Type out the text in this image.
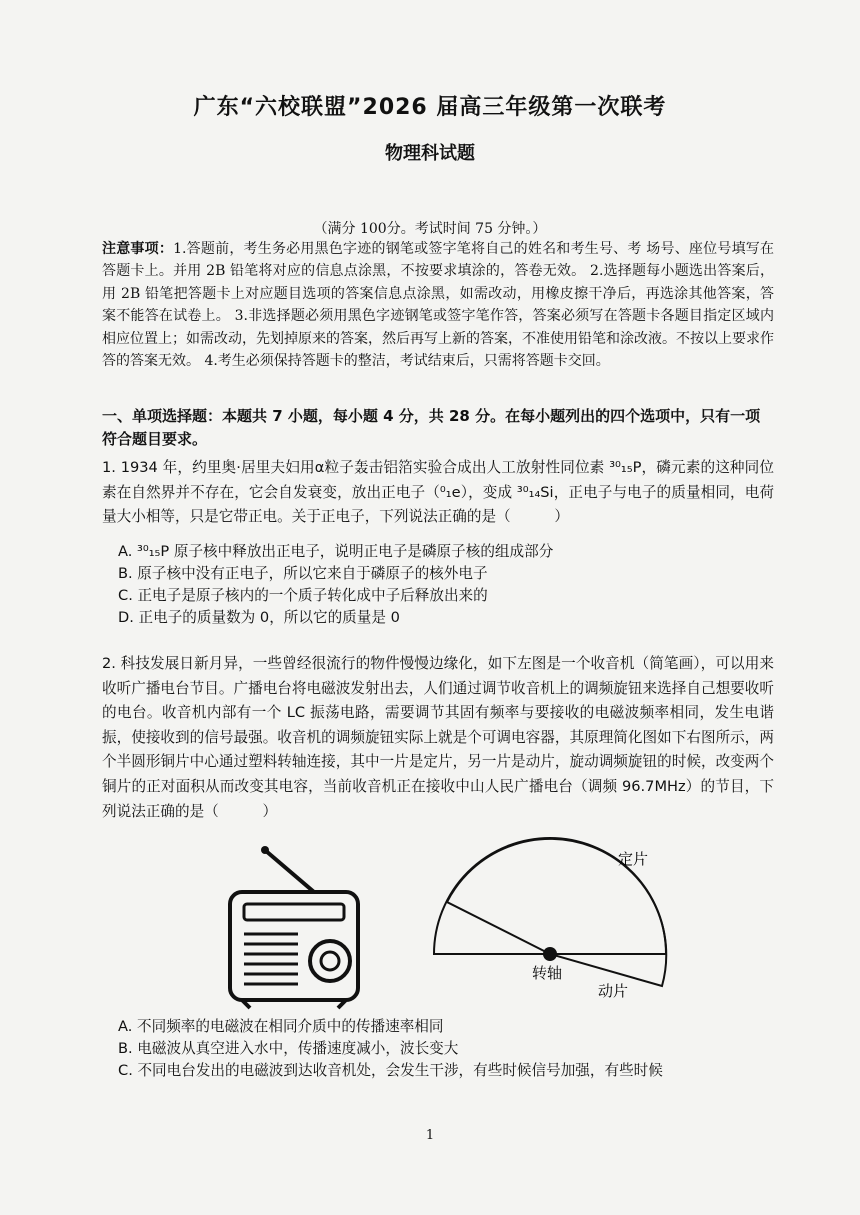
广东“六校联盟”2026 届高三年级第一次联考
物理科试题
（满分 100分。考试时间 75 分钟。）
注意事项：1.答题前，考生务必用黑色字迹的钢笔或签字笔将自己的姓名和考生号、考 场号、座位号填写在答题卡上。并用 2B 铅笔将对应的信息点涂黑，不按要求填涂的，答卷无效。 2.选择题每小题选出答案后，用 2B 铅笔把答题卡上对应题目选项的答案信息点涂黑，如需改动，用橡皮擦干净后，再选涂其他答案，答案不能答在试卷上。 3.非选择题必须用黑色字迹钢笔或签字笔作答，答案必须写在答题卡各题目指定区域内相应位置上；如需改动，先划掉原来的答案，然后再写上新的答案，不准使用铅笔和涂改液。不按以上要求作答的答案无效。 4.考生必须保持答题卡的整洁，考试结束后，只需将答题卡交回。
一、单项选择题：本题共 7 小题，每小题 4 分，共 28 分。在每小题列出的四个选项中，只有一项符合题目要求。
1. 1934 年，约里奥·居里夫妇用α粒子轰击铝箔实验合成出人工放射性同位素 ³⁰₁₅P，磷元素的这种同位素在自然界并不存在，它会自发衰变，放出正电子（⁰₁e），变成 ³⁰₁₄Si，正电子与电子的质量相同，电荷量大小相等，只是它带正电。关于正电子，下列说法正确的是（　　　）
A. ³⁰₁₅P 原子核中释放出正电子，说明正电子是磷原子核的组成部分
B. 原子核中没有正电子，所以它来自于磷原子的核外电子
C. 正电子是原子核内的一个质子转化成中子后释放出来的
D. 正电子的质量数为 0，所以它的质量是 0
2. 科技发展日新月异，一些曾经很流行的物件慢慢边缘化，如下左图是一个收音机（简笔画），可以用来收听广播电台节目。广播电台将电磁波发射出去，人们通过调节收音机上的调频旋钮来选择自己想要收听的电台。收音机内部有一个 LC 振荡电路，需要调节其固有频率与要接收的电磁波频率相同，发生电谐振，使接收到的信号最强。收音机的调频旋钮实际上就是个可调电容器，其原理简化图如下右图所示，两个半圆形铜片中心通过塑料转轴连接，其中一片是定片，另一片是动片，旋动调频旋钮的时候，改变两个铜片的正对面积从而改变其电容，当前收音机正在接收中山人民广播电台（调频 96.7MHz）的节目，下列说法正确的是（　　　）
定片
转轴
动片
A. 不同频率的电磁波在相同介质中的传播速率相同
B. 电磁波从真空进入水中，传播速度减小，波长变大
C. 不同电台发出的电磁波到达收音机处，会发生干涉，有些时候信号加强，有些时候
1
